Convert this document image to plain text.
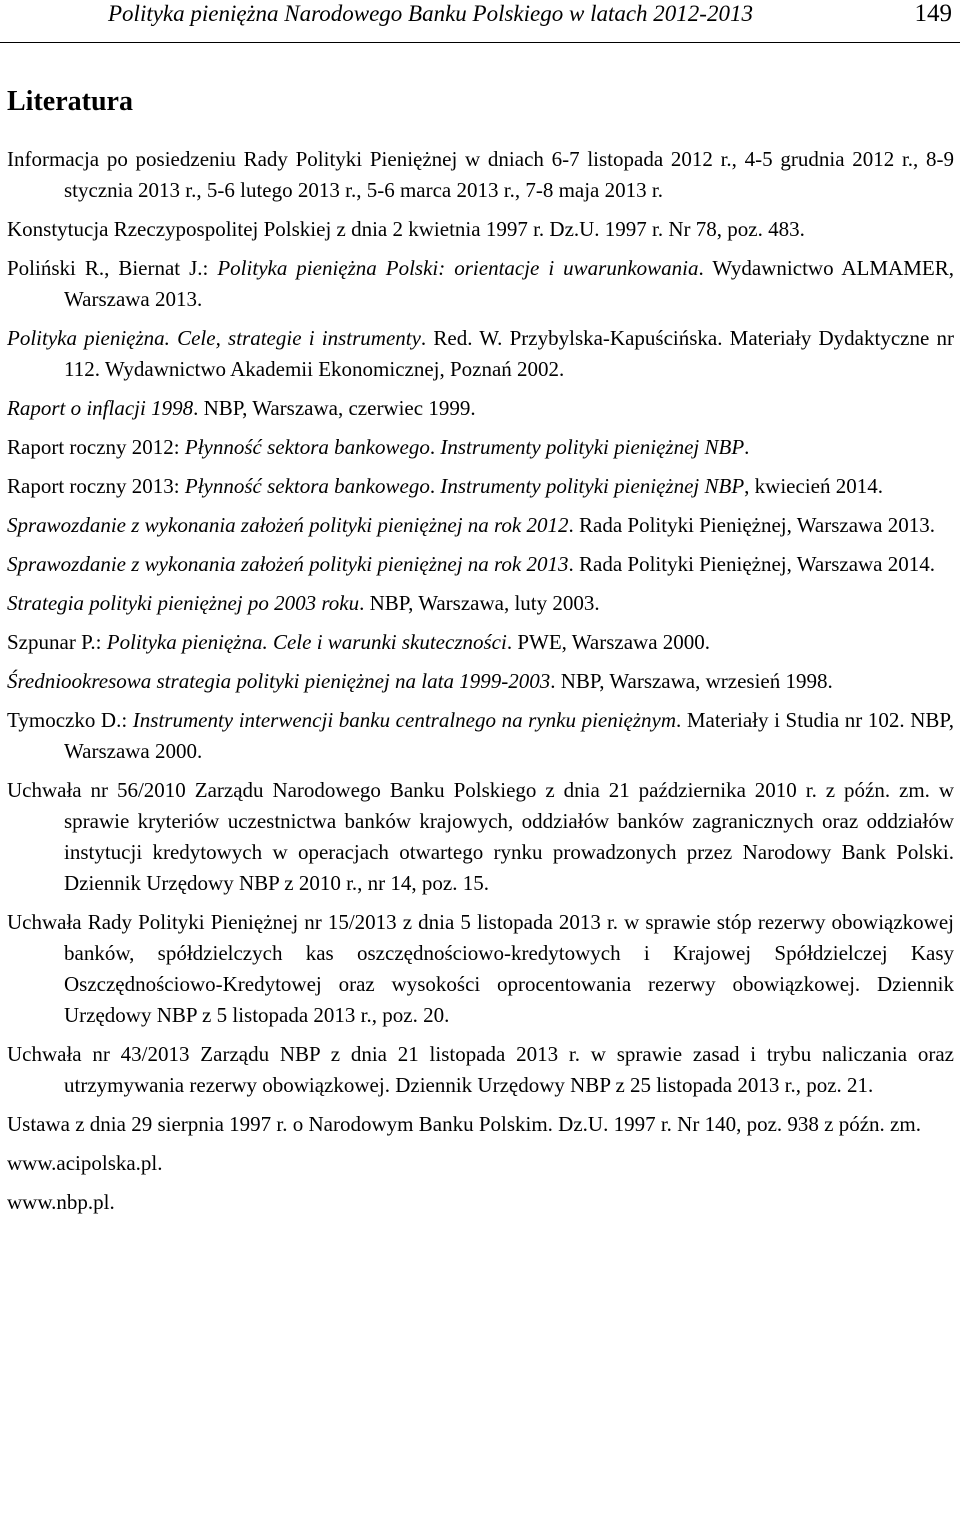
Polityka pieniężna Narodowego Banku Polskiego w latach 2012-2013	149
Literatura

Informacja po posiedzeniu Rady Polityki Pieniężnej w dniach 6-7 listopada 2012 r., 4-5 grudnia 2012 r., 8-9 stycznia 2013 r., 5-6 lutego 2013 r., 5-6 marca 2013 r., 7-8 maja 2013 r.

Konstytucja Rzeczypospolitej Polskiej z dnia 2 kwietnia 1997 r. Dz.U. 1997 r. Nr 78, poz. 483.

Poliński R., Biernat J.: Polityka pieniężna Polski: orientacje i uwarunkowania. Wydawnictwo ALMAMER, Warszawa 2013.

Polityka pieniężna. Cele, strategie i instrumenty. Red. W. Przybylska-Kapuścińska. Materiały Dydaktyczne nr 112. Wydawnictwo Akademii Ekonomicznej, Poznań 2002.

Raport o inflacji 1998. NBP, Warszawa, czerwiec 1999.

Raport roczny 2012: Płynność sektora bankowego. Instrumenty polityki pieniężnej NBP.

Raport roczny 2013: Płynność sektora bankowego. Instrumenty polityki pieniężnej NBP, kwiecień 2014.

Sprawozdanie z wykonania założeń polityki pieniężnej na rok 2012. Rada Polityki Pieniężnej, Warszawa 2013.

Sprawozdanie z wykonania założeń polityki pieniężnej na rok 2013. Rada Polityki Pieniężnej, Warszawa 2014.

Strategia polityki pieniężnej po 2003 roku. NBP, Warszawa, luty 2003.

Szpunar P.: Polityka pieniężna. Cele i warunki skuteczności. PWE, Warszawa 2000.

Średniookresowa strategia polityki pieniężnej na lata 1999-2003. NBP, Warszawa, wrzesień 1998.

Tymoczko D.: Instrumenty interwencji banku centralnego na rynku pieniężnym. Materiały i Studia nr 102. NBP, Warszawa 2000.

Uchwała nr 56/2010 Zarządu Narodowego Banku Polskiego z dnia 21 października 2010 r. z późn. zm. w sprawie kryteriów uczestnictwa banków krajowych, oddziałów banków zagranicznych oraz oddziałów instytucji kredytowych w operacjach otwartego rynku prowadzonych przez Narodowy Bank Polski. Dziennik Urzędowy NBP z 2010 r., nr 14, poz. 15.

Uchwała Rady Polityki Pieniężnej nr 15/2013 z dnia 5 listopada 2013 r. w sprawie stóp rezerwy obowiązkowej banków, spółdzielczych kas oszczędnościowo-kredytowych i Krajowej Spółdzielczej Kasy Oszczędnościowo-Kredytowej oraz wysokości oprocentowania rezerwy obowiązkowej. Dziennik Urzędowy NBP z 5 listopada 2013 r., poz. 20.

Uchwała nr 43/2013 Zarządu NBP z dnia 21 listopada 2013 r. w sprawie zasad i trybu naliczania oraz utrzymywania rezerwy obowiązkowej. Dziennik Urzędowy NBP z 25 listopada 2013 r., poz. 21.

Ustawa z dnia 29 sierpnia 1997 r. o Narodowym Banku Polskim. Dz.U. 1997 r. Nr 140, poz. 938 z późn. zm.

www.acipolska.pl.

www.nbp.pl.
